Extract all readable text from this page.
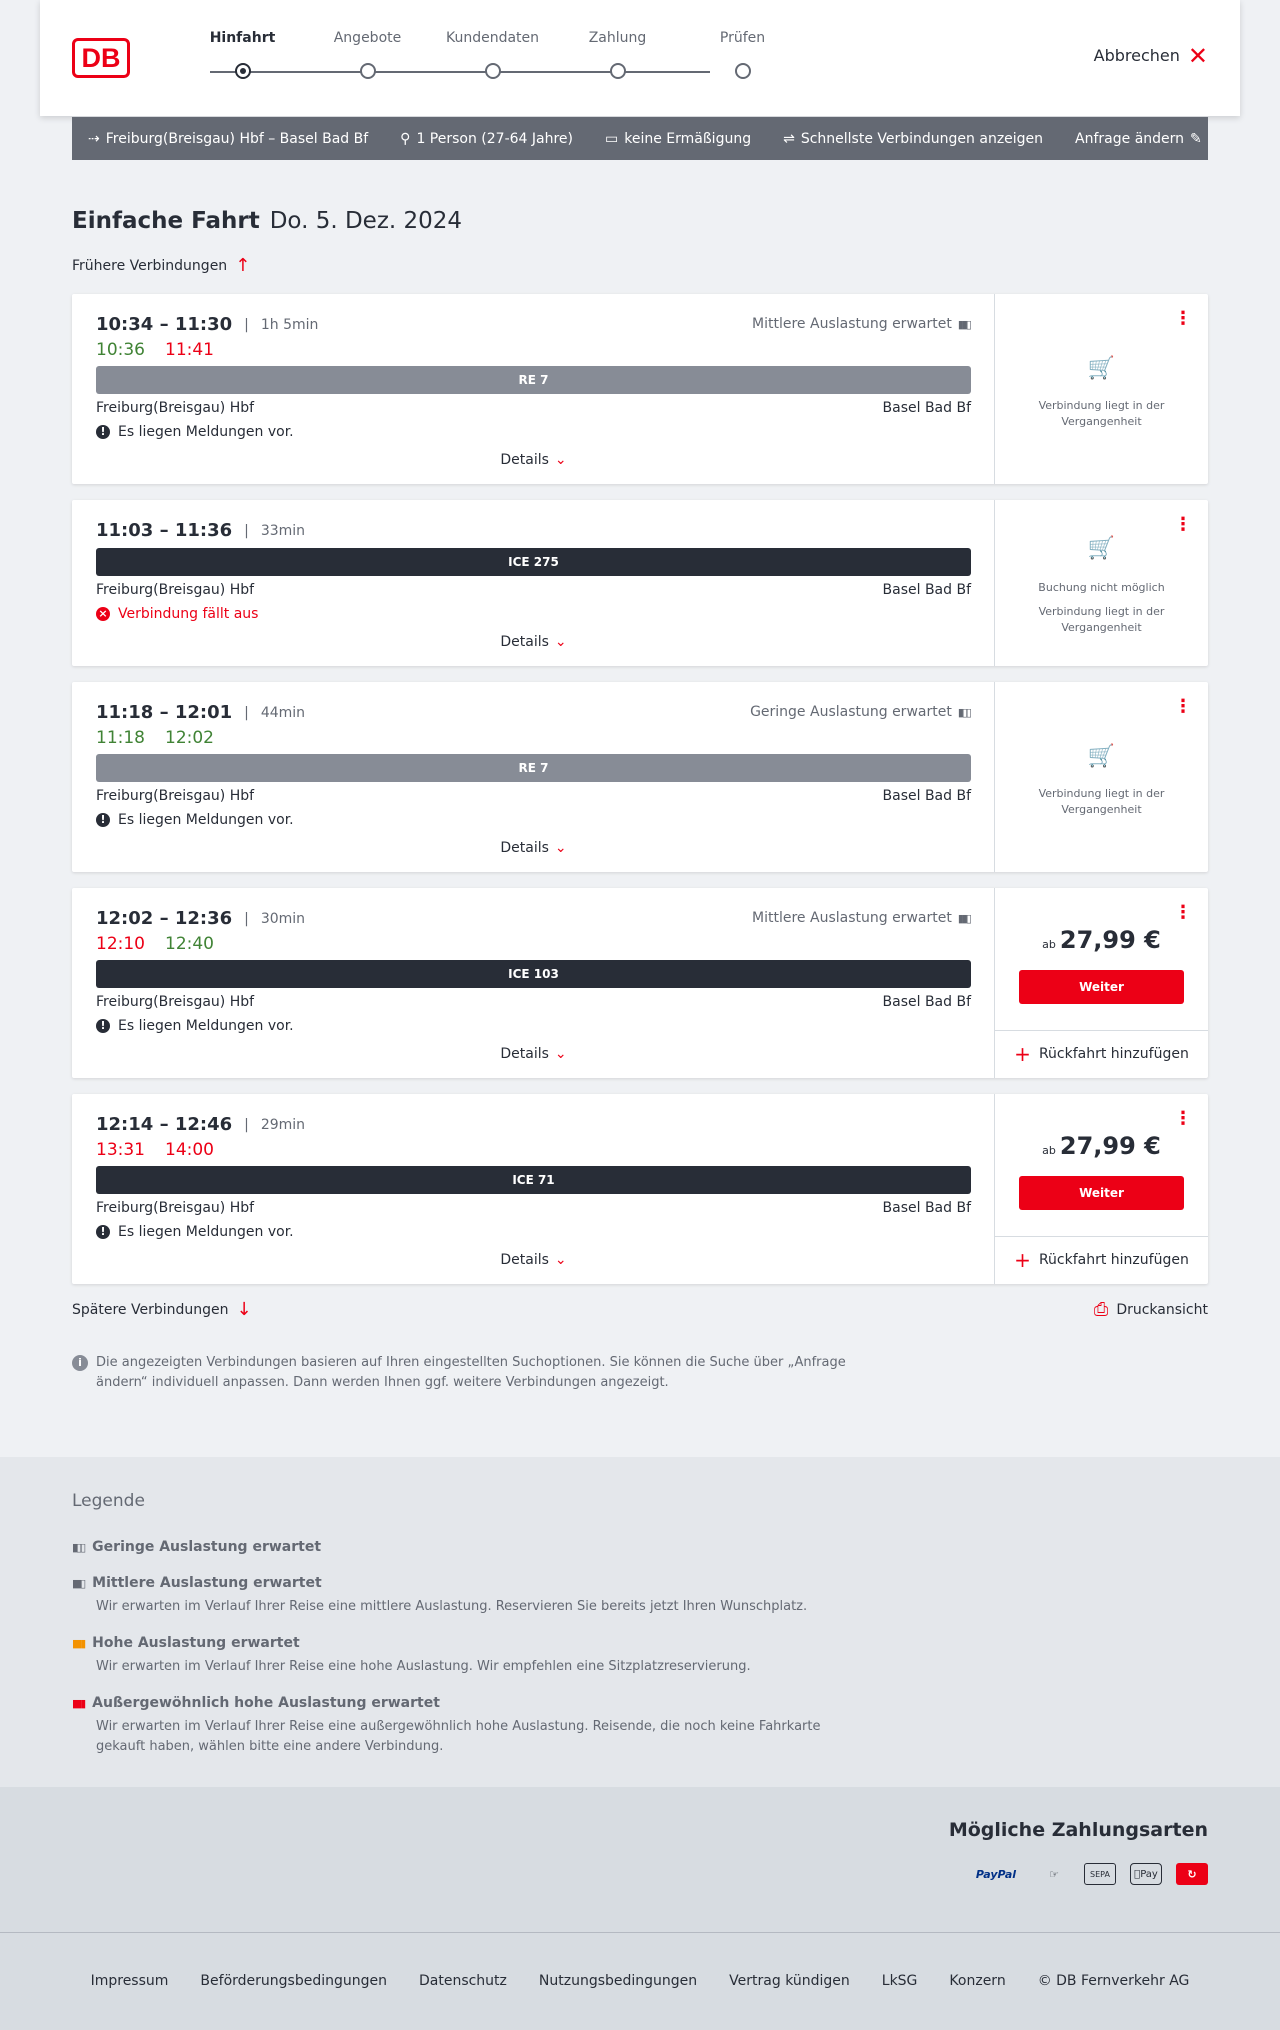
DB
Hinfahrt	Angebote	Kundendaten	Zahlung	Prüfen
Abbrechen ✕
⇢ Freiburg(Breisgau) Hbf – Basel Bad Bf ⚲ 1 Person (27-64 Jahre) ▭ keine Ermäßigung ⇌ Schnellste Verbindungen anzeigen Anfrage ändern ✎
Einfache Fahrt Do. 5. Dez. 2024
Frühere Verbindungen ↑
10:34 – 11:30	| 1h 5min
10:36 11:41
Mittlere Auslastung erwartet ▮▮▯
RE 7
Freiburg(Breisgau) Hbf	Basel Bad Bf
! Es liegen Meldungen vor.
Details ⌄
⋮
🛒
Verbindung liegt in der Vergangenheit
11:03 – 11:36	| 33min
ICE 275
Freiburg(Breisgau) Hbf	Basel Bad Bf
× Verbindung fällt aus
Details ⌄
⋮
🛒
Buchung nicht möglich
Verbindung liegt in der Vergangenheit
11:18 – 12:01	| 44min
11:18 12:02
Geringe Auslastung erwartet ▮▯▯
RE 7
Freiburg(Breisgau) Hbf	Basel Bad Bf
! Es liegen Meldungen vor.
Details ⌄
⋮
🛒
Verbindung liegt in der Vergangenheit
12:02 – 12:36	| 30min
12:10 12:40
Mittlere Auslastung erwartet ▮▮▯
ICE 103
Freiburg(Breisgau) Hbf	Basel Bad Bf
! Es liegen Meldungen vor.
Details ⌄
⋮
ab 27,99 €
Weiter
+ Rückfahrt hinzufügen
12:14 – 12:46	| 29min
13:31 14:00
ICE 71
Freiburg(Breisgau) Hbf	Basel Bad Bf
! Es liegen Meldungen vor.
Details ⌄
⋮
ab 27,99 €
Weiter
+ Rückfahrt hinzufügen
Spätere Verbindungen ↓	⎙ Druckansicht
i	Die angezeigten Verbindungen basieren auf Ihren eingestellten Suchoptionen. Sie können die Suche über „Anfrage ändern“ individuell anpassen. Dann werden Ihnen ggf. weitere Verbindungen angezeigt.
Legende
▮▯▯ Geringe Auslastung erwartet
▮▮▯ Mittlere Auslastung erwartet
Wir erwarten im Verlauf Ihrer Reise eine mittlere Auslastung. Reservieren Sie bereits jetzt Ihren Wunschplatz.
▮▮▮ Hohe Auslastung erwartet
Wir erwarten im Verlauf Ihrer Reise eine hohe Auslastung. Wir empfehlen eine Sitzplatzreservierung.
▮▮▮ Außergewöhnlich hohe Auslastung erwartet
Wir erwarten im Verlauf Ihrer Reise eine außergewöhnlich hohe Auslastung. Reisende, die noch keine Fahrkarte gekauft haben, wählen bitte eine andere Verbindung.
Mögliche Zahlungsarten
PayPal	☞	SEPA	Pay	↻
Impressum Beförderungsbedingungen Datenschutz Nutzungsbedingungen Vertrag kündigen LkSG Konzern © DB Fernverkehr AG
